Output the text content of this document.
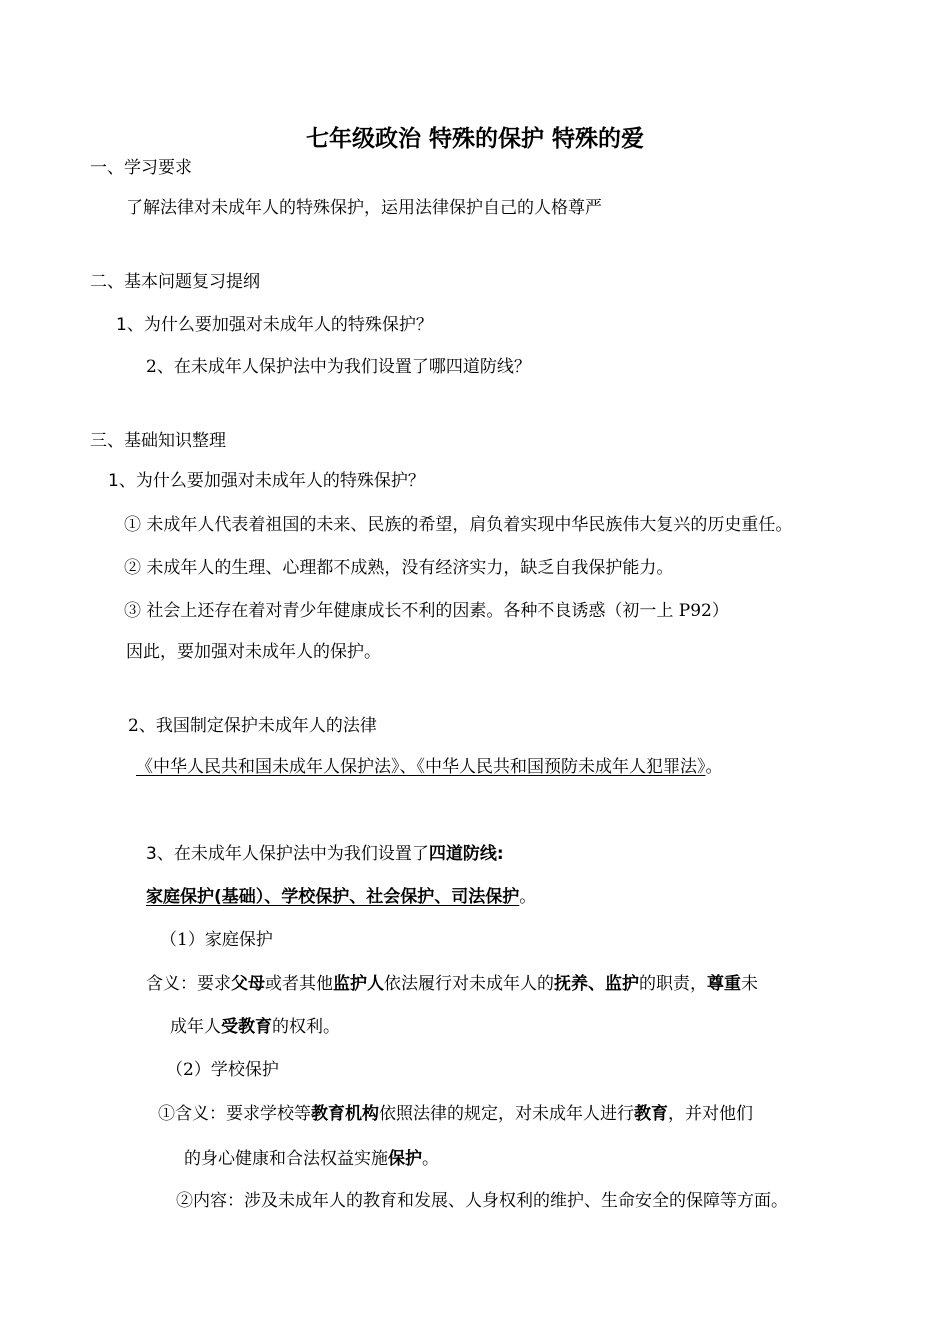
七年级政治 特殊的保护 特殊的爱
一、学习要求
了解法律对未成年人的特殊保护，运用法律保护自己的人格尊严
二、基本问题复习提纲
1、为什么要加强对未成年人的特殊保护？
2、在未成年人保护法中为我们设置了哪四道防线？
三、基础知识整理
1、为什么要加强对未成年人的特殊保护？
① 未成年人代表着祖国的未来、民族的希望，肩负着实现中华民族伟大复兴的历史重任。
② 未成年人的生理、心理都不成熟，没有经济实力，缺乏自我保护能力。
③ 社会上还存在着对青少年健康成长不利的因素。各种不良诱惑（初一上 P92）
因此，要加强对未成年人的保护。
2、我国制定保护未成年人的法律
《中华人民共和国未成年人保护法》、《中华人民共和国预防未成年人犯罪法》。
3、在未成年人保护法中为我们设置了四道防线:
家庭保护(基础）、学校保护、社会保护、司法保护。
（1）家庭保护
含义：要求父母或者其他监护人依法履行对未成年人的抚养、监护的职责，尊重未
成年人受教育的权利。
（2）学校保护
①含义：要求学校等教育机构依照法律的规定，对未成年人进行教育，并对他们
的身心健康和合法权益实施保护。
②内容：涉及未成年人的教育和发展、人身权利的维护、生命安全的保障等方面。
